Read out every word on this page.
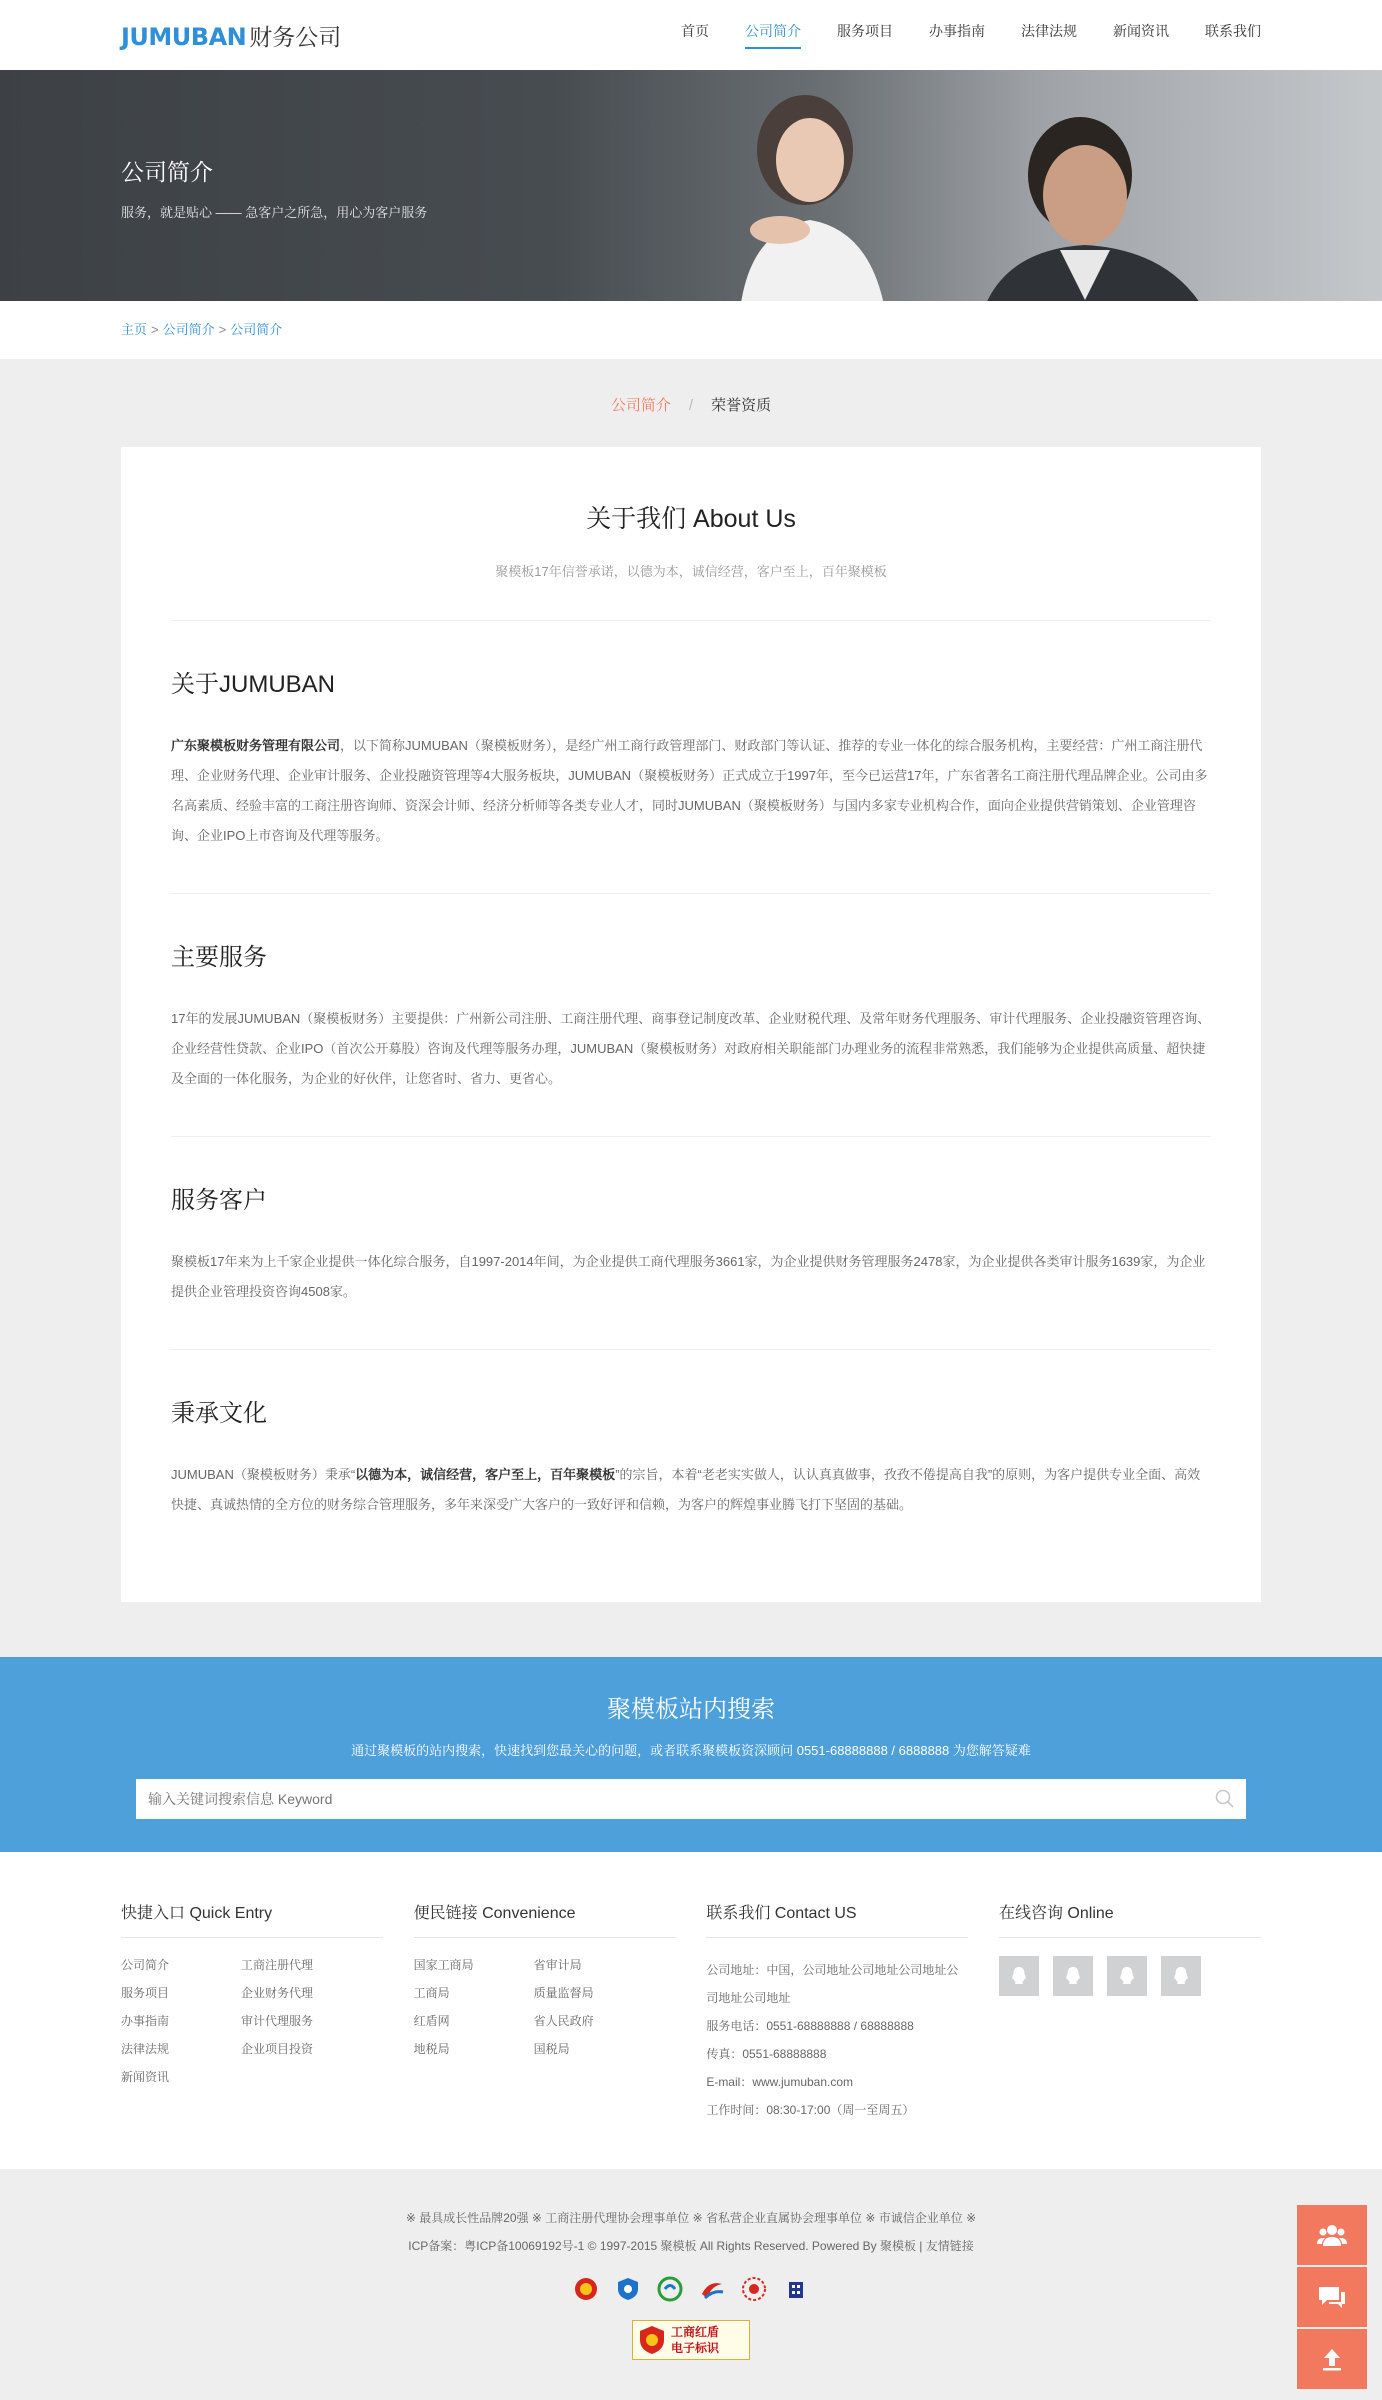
JUMUBAN 财务公司	首页	公司简介	服务项目	办事指南	法律法规	新闻资讯	联系我们
公司简介
服务，就是贴心 —— 急客户之所急，用心为客户服务
主页 > 公司简介 > 公司简介
公司简介 / 荣誉资质
关于我们 About Us
聚模板17年信誉承诺，以德为本，诚信经营，客户至上，百年聚模板
关于JUMUBAN

广东聚模板财务管理有限公司，以下简称JUMUBAN（聚模板财务），是经广州工商行政管理部门、财政部门等认证、推荐的专业一体化的综合服务机构，主要经营：广州工商注册代理、企业财务代理、企业审计服务、企业投融资管理等4大服务板块，JUMUBAN（聚模板财务）正式成立于1997年，至今已运营17年，广东省著名工商注册代理品牌企业。公司由多名高素质、经验丰富的工商注册咨询师、资深会计师、经济分析师等各类专业人才，同时JUMUBAN（聚模板财务）与国内多家专业机构合作，面向企业提供营销策划、企业管理咨询、企业IPO上市咨询及代理等服务。

主要服务

17年的发展JUMUBAN（聚模板财务）主要提供：广州新公司注册、工商注册代理、商事登记制度改革、企业财税代理、及常年财务代理服务、审计代理服务、企业投融资管理咨询、企业经营性贷款、企业IPO（首次公开募股）咨询及代理等服务办理，JUMUBAN（聚模板财务）对政府相关职能部门办理业务的流程非常熟悉，我们能够为企业提供高质量、超快捷及全面的一体化服务，为企业的好伙伴，让您省时、省力、更省心。

服务客户

聚模板17年来为上千家企业提供一体化综合服务，自1997-2014年间，为企业提供工商代理服务3661家，为企业提供财务管理服务2478家，为企业提供各类审计服务1639家，为企业提供企业管理投资咨询4508家。

秉承文化

JUMUBAN（聚模板财务）秉承“以德为本，诚信经营，客户至上，百年聚模板”的宗旨，本着“老老实实做人，认认真真做事，孜孜不倦提高自我”的原则，为客户提供专业全面、高效快捷、真诚热情的全方位的财务综合管理服务，多年来深受广大客户的一致好评和信赖，为客户的辉煌事业腾飞打下坚固的基础。

聚模板站内搜索
通过聚模板的站内搜索，快速找到您最关心的问题，或者联系聚模板资深顾问 0551-68888888 / 6888888 为您解答疑难
输入关键词搜索信息 Keyword
快捷入口 Quick Entry
公司简介	工商注册代理
服务项目	企业财务代理
办事指南	审计代理服务
法律法规	企业项目投资
新闻资讯
便民链接 Convenience
国家工商局	省审计局
工商局	质量监督局
红盾网	省人民政府
地税局	国税局
联系我们 Contact US

公司地址：中国，公司地址公司地址公司地址公

司地址公司地址

服务电话：0551-68888888 / 68888888

传真：0551-68888888

E-mail：www.jumuban.com

工作时间：08:30-17:00（周一至周五）

在线咨询 Online

※ 最具成长性品牌20强 ※ 工商注册代理协会理事单位 ※ 省私营企业直属协会理事单位 ※ 市诚信企业单位 ※

ICP备案：粤ICP备10069192号-1 © 1997-2015 聚模板 All Rights Reserved. Powered By 聚模板 | 友情链接

工商红盾
电子标识
